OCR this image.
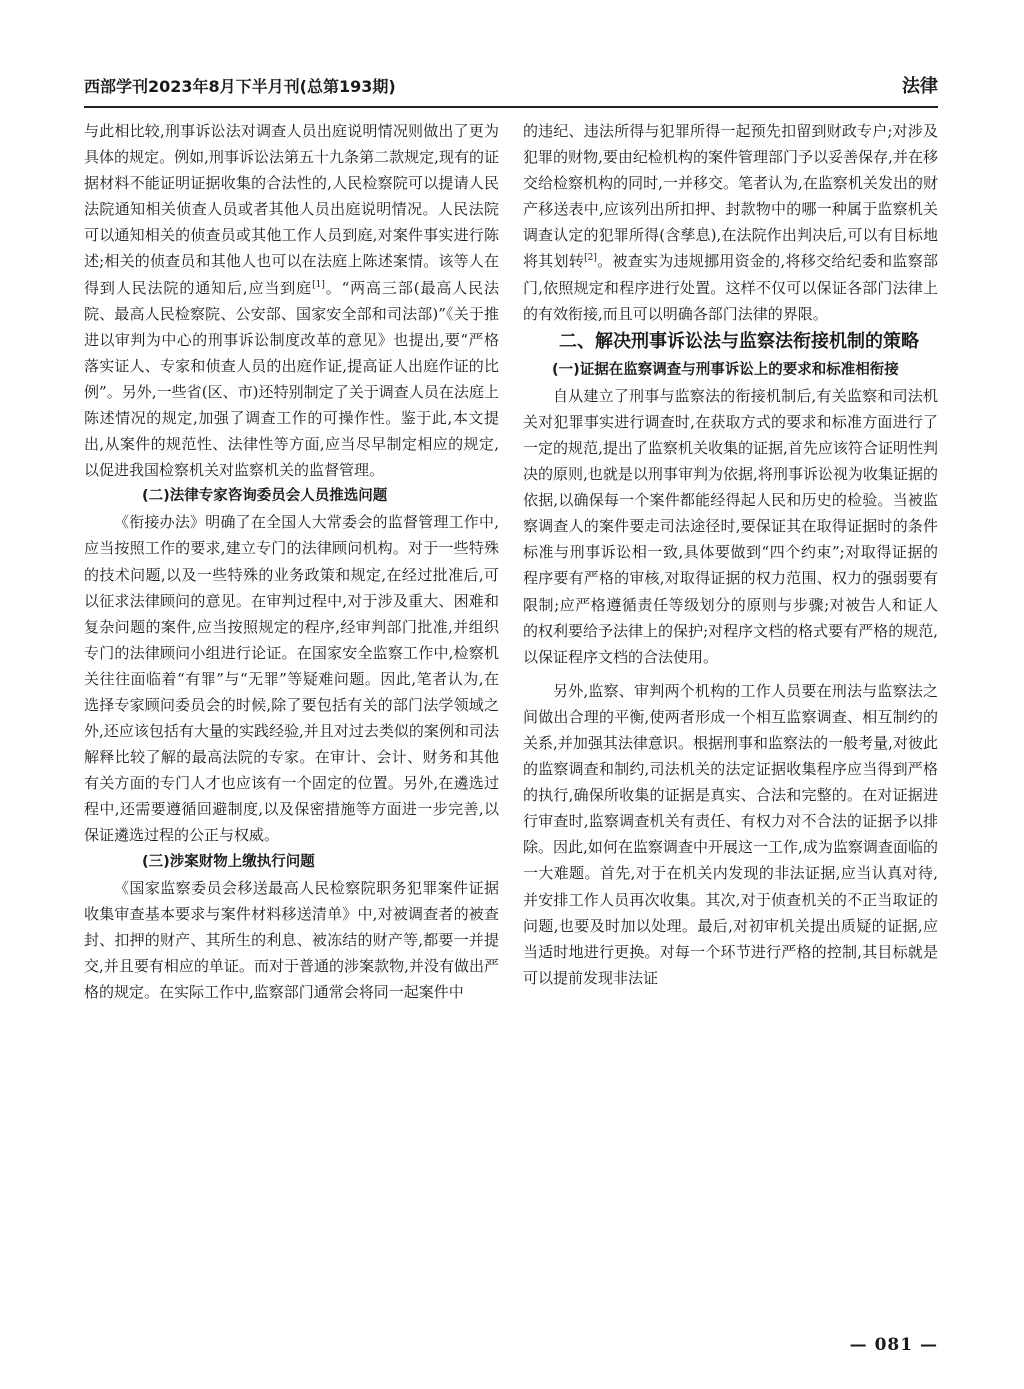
西部学刊2023年8月下半月刊(总第193期)	法律

与此相比较,刑事诉讼法对调查人员出庭说明情况则做出了更为具体的规定。例如,刑事诉讼法第五十九条第二款规定,现有的证据材料不能证明证据收集的合法性的,人民检察院可以提请人民法院通知相关侦查人员或者其他人员出庭说明情况。人民法院可以通知相关的侦查员或其他工作人员到庭,对案件事实进行陈述;相关的侦查员和其他人也可以在法庭上陈述案情。该等人在得到人民法院的通知后,应当到庭[1]。“两高三部(最高人民法院、最高人民检察院、公安部、国家安全部和司法部)”《关于推进以审判为中心的刑事诉讼制度改革的意见》也提出,要“严格落实证人、专家和侦查人员的出庭作证,提高证人出庭作证的比例”。另外,一些省(区、市)还特别制定了关于调查人员在法庭上陈述情况的规定,加强了调查工作的可操作性。鉴于此,本文提出,从案件的规范性、法律性等方面,应当尽早制定相应的规定,以促进我国检察机关对监察机关的监督管理。

(二)法律专家咨询委员会人员推选问题

《衔接办法》明确了在全国人大常委会的监督管理工作中,应当按照工作的要求,建立专门的法律顾问机构。对于一些特殊的技术问题,以及一些特殊的业务政策和规定,在经过批准后,可以征求法律顾问的意见。在审判过程中,对于涉及重大、困难和复杂问题的案件,应当按照规定的程序,经审判部门批准,并组织专门的法律顾问小组进行论证。在国家安全监察工作中,检察机关往往面临着“有罪”与“无罪”等疑难问题。因此,笔者认为,在选择专家顾问委员会的时候,除了要包括有关的部门法学领域之外,还应该包括有大量的实践经验,并且对过去类似的案例和司法解释比较了解的最高法院的专家。在审计、会计、财务和其他有关方面的专门人才也应该有一个固定的位置。另外,在遴选过程中,还需要遵循回避制度,以及保密措施等方面进一步完善,以保证遴选过程的公正与权威。

(三)涉案财物上缴执行问题

《国家监察委员会移送最高人民检察院职务犯罪案件证据收集审查基本要求与案件材料移送清单》中,对被调查者的被查封、扣押的财产、其所生的利息、被冻结的财产等,都要一并提交,并且要有相应的单证。而对于普通的涉案款物,并没有做出严格的规定。在实际工作中,监察部门通常会将同一起案件中

的违纪、违法所得与犯罪所得一起预先扣留到财政专户;对涉及犯罪的财物,要由纪检机构的案件管理部门予以妥善保存,并在移交给检察机构的同时,一并移交。笔者认为,在监察机关发出的财产移送表中,应该列出所扣押、封款物中的哪一种属于监察机关调查认定的犯罪所得(含孳息),在法院作出判决后,可以有目标地将其划转[2]。被查实为违规挪用资金的,将移交给纪委和监察部门,依照规定和程序进行处置。这样不仅可以保证各部门法律上的有效衔接,而且可以明确各部门法律的界限。

二、解决刑事诉讼法与监察法衔接机制的策略

(一)证据在监察调查与刑事诉讼上的要求和标准相衔接

自从建立了刑事与监察法的衔接机制后,有关监察和司法机关对犯罪事实进行调查时,在获取方式的要求和标准方面进行了一定的规范,提出了监察机关收集的证据,首先应该符合证明性判决的原则,也就是以刑事审判为依据,将刑事诉讼视为收集证据的依据,以确保每一个案件都能经得起人民和历史的检验。当被监察调查人的案件要走司法途径时,要保证其在取得证据时的条件标准与刑事诉讼相一致,具体要做到“四个约束”;对取得证据的程序要有严格的审核,对取得证据的权力范围、权力的强弱要有限制;应严格遵循责任等级划分的原则与步骤;对被告人和证人的权利要给予法律上的保护;对程序文档的格式要有严格的规范,以保证程序文档的合法使用。

另外,监察、审判两个机构的工作人员要在刑法与监察法之间做出合理的平衡,使两者形成一个相互监察调查、相互制约的关系,并加强其法律意识。根据刑事和监察法的一般考量,对彼此的监察调查和制约,司法机关的法定证据收集程序应当得到严格的执行,确保所收集的证据是真实、合法和完整的。在对证据进行审查时,监察调查机关有责任、有权力对不合法的证据予以排除。因此,如何在监察调查中开展这一工作,成为监察调查面临的一大难题。首先,对于在机关内发现的非法证据,应当认真对待,并安排工作人员再次收集。其次,对于侦查机关的不正当取证的问题,也要及时加以处理。最后,对初审机关提出质疑的证据,应当适时地进行更换。对每一个环节进行严格的控制,其目标就是可以提前发现非法证

— 081 —
